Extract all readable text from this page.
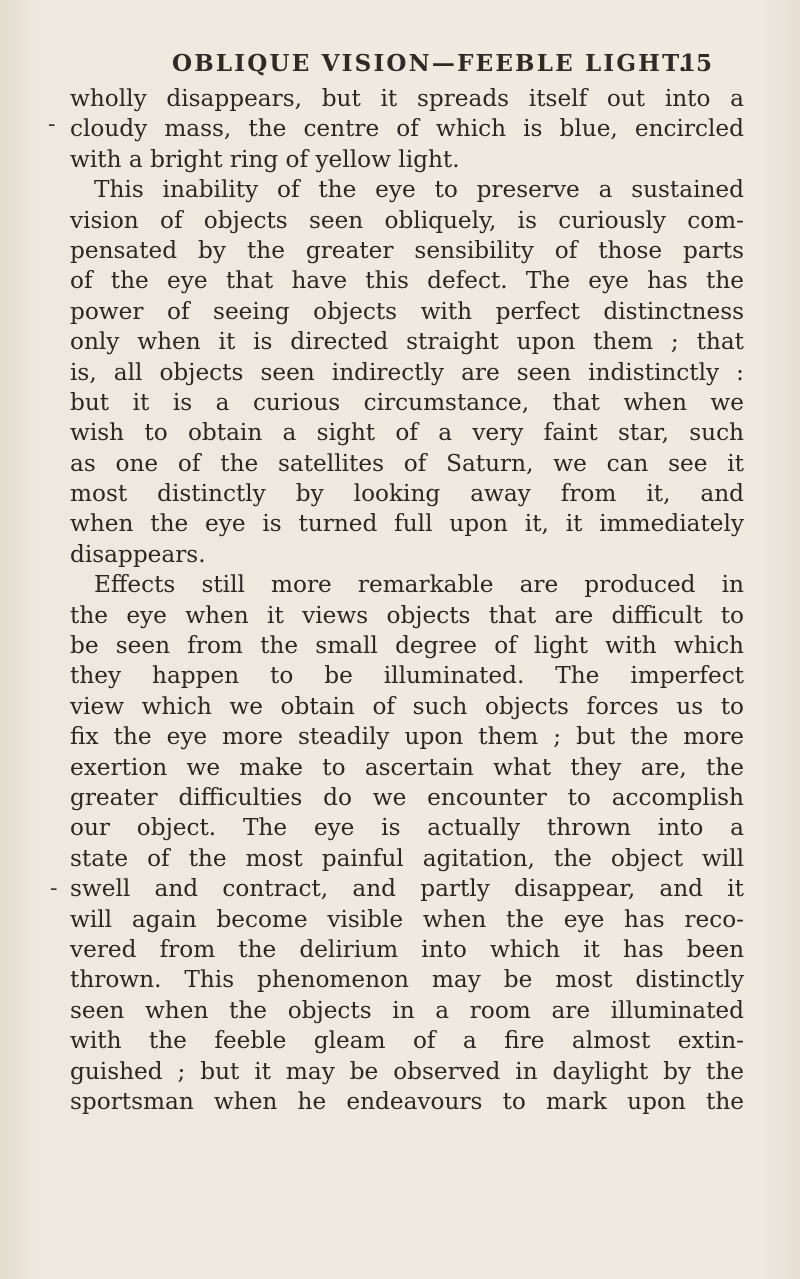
OBLIQUE VISION—FEEBLE LIGHT.
15
-
-
wholly disappears, but it spreads itself out into a
cloudy mass, the centre of which is blue, encircled
with a bright ring of yellow light.
This inability of the eye to preserve a sustained
vision of objects seen obliquely, is curiously com-
pensated by the greater sensibility of those parts
of the eye that have this defect. The eye has the
power of seeing objects with perfect distinctness
only when it is directed straight upon them ; that
is, all objects seen indirectly are seen indistinctly :
but it is a curious circumstance, that when we
wish to obtain a sight of a very faint star, such
as one of the satellites of Saturn, we can see it
most distinctly by looking away from it, and
when the eye is turned full upon it, it immediately
disappears.
Effects still more remarkable are produced in
the eye when it views objects that are difficult to
be seen from the small degree of light with which
they happen to be illuminated. The imperfect
view which we obtain of such objects forces us to
fix the eye more steadily upon them ; but the more
exertion we make to ascertain what they are, the
greater difficulties do we encounter to accomplish
our object. The eye is actually thrown into a
state of the most painful agitation, the object will
swell and contract, and partly disappear, and it
will again become visible when the eye has reco-
vered from the delirium into which it has been
thrown. This phenomenon may be most distinctly
seen when the objects in a room are illuminated
with the feeble gleam of a fire almost extin-
guished ; but it may be observed in daylight by the
sportsman when he endeavours to mark upon the
